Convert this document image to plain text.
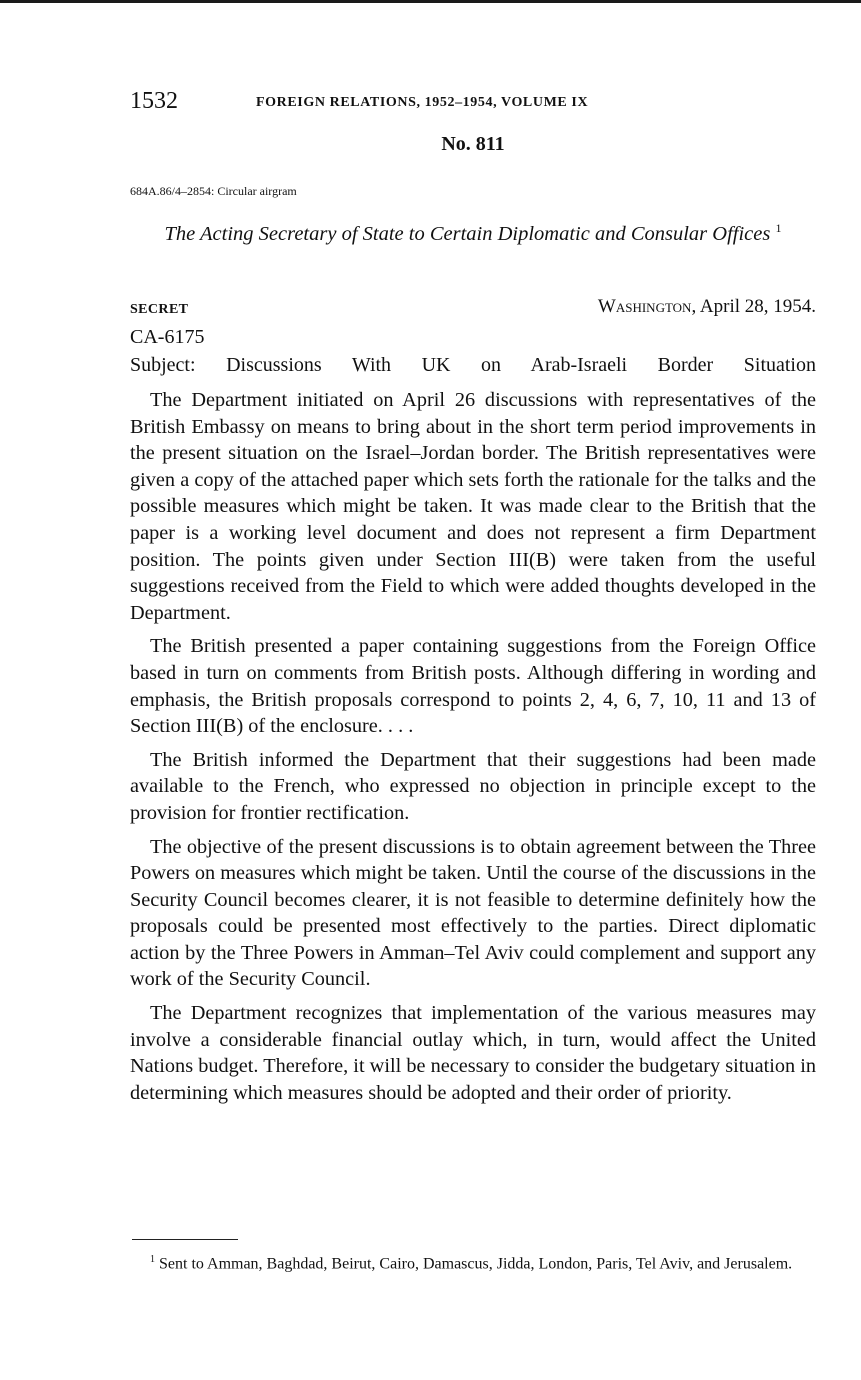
1532	FOREIGN RELATIONS, 1952–1954, VOLUME IX
No. 811
684A.86/4–2854: Circular airgram
The Acting Secretary of State to Certain Diplomatic and Consular Offices $^1$
SECRET	Washington, April 28, 1954.
CA-6175
Subject: Discussions With UK on Arab-Israeli Border Situation

The Department initiated on April 26 discussions with representatives of the British Embassy on means to bring about in the short term period improvements in the present situation on the Israel–Jordan border. The British representatives were given a copy of the attached paper which sets forth the rationale for the talks and the possible measures which might be taken. It was made clear to the British that the paper is a working level document and does not represent a firm Department position. The points given under Section III(B) were taken from the useful suggestions received from the Field to which were added thoughts developed in the Department.

The British presented a paper containing suggestions from the Foreign Office based in turn on comments from British posts. Although differing in wording and emphasis, the British proposals correspond to points 2, 4, 6, 7, 10, 11 and 13 of Section III(B) of the enclosure. . . .

The British informed the Department that their suggestions had been made available to the French, who expressed no objection in principle except to the provision for frontier rectification.

The objective of the present discussions is to obtain agreement between the Three Powers on measures which might be taken. Until the course of the discussions in the Security Council becomes clearer, it is not feasible to determine definitely how the proposals could be presented most effectively to the parties. Direct diplomatic action by the Three Powers in Amman–Tel Aviv could complement and support any work of the Security Council.

The Department recognizes that implementation of the various measures may involve a considerable financial outlay which, in turn, would affect the United Nations budget. Therefore, it will be necessary to consider the budgetary situation in determining which measures should be adopted and their order of priority.

$^1$ Sent to Amman, Baghdad, Beirut, Cairo, Damascus, Jidda, London, Paris, Tel Aviv, and Jerusalem.
